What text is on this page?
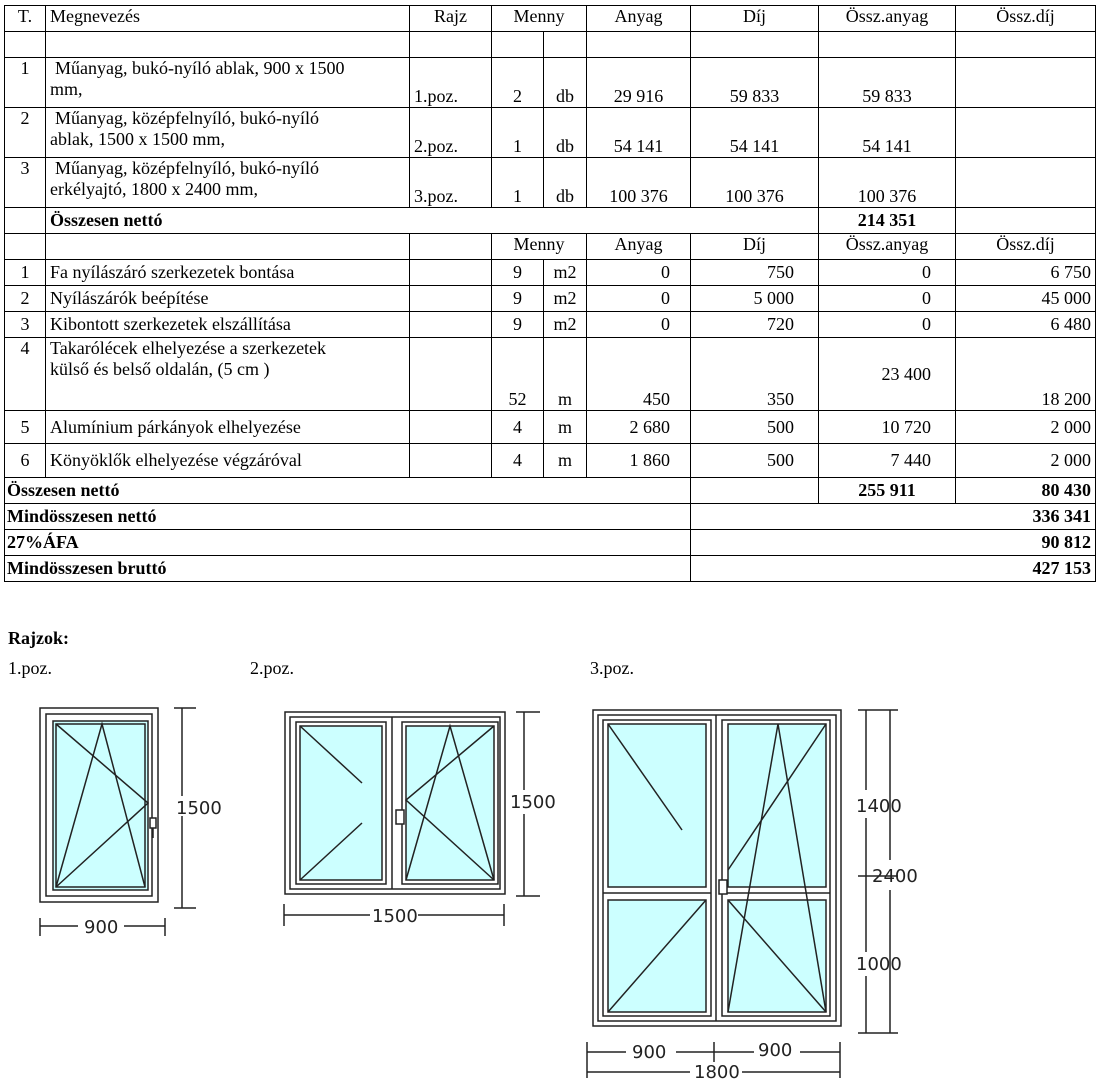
T.	Megnevezés	Rajz	Menny		Anyag	Díj	Össz.anyag	Össz.díj

1	Műanyag, bukó-nyíló ablak, 900 x 1500
mm,	1.poz.	2	db	29 916	59 833	59 833	
2	Műanyag, középfelnyíló, bukó-nyíló
ablak, 1500 x 1500 mm,	2.poz.	1	db	54 141	54 141	54 141	
3	Műanyag, középfelnyíló, bukó-nyíló
erkélyajtó, 1800 x 2400 mm,	3.poz.	1	db	100 376	100 376	100 376	
	Összesen nettó						214 351	
			Menny		Anyag	Díj	Össz.anyag	Össz.díj
1	Fa nyílászáró szerkezetek bontása		9	m2	0	750	0	6 750
2	Nyílászárók beépítése		9	m2	0	5 000	0	45 000
3	Kibontott szerkezetek elszállítása		9	m2	0	720	0	6 480
4	Takarólécek elhelyezése a szerkezetek
külső és belső oldalán, (5 cm )		52	m	450	350	23 400	18 200
5	Alumínium párkányok elhelyezése		4	m	2 680	500	10 720	2 000
6	Könyöklők elhelyezése végzáróval		4	m	1 860	500	7 440	2 000
Összesen nettó							255 911	80 430
Mindösszesen nettó						336 341		
27%ÁFA						90 812		
Mindösszesen bruttó						427 153		
Rajzok:
1.poz.	2.poz.	3.poz.
1500
900
1500
1500
1400
2400
1000
900	900
1800
